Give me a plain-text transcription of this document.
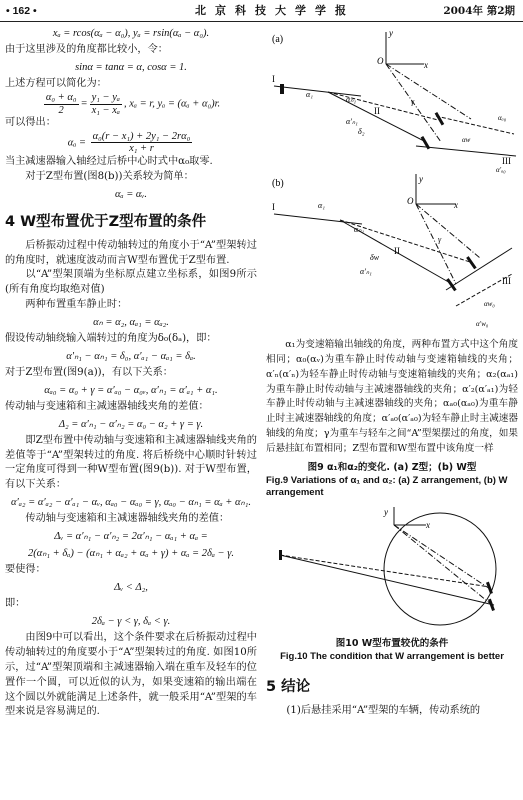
• 162 •	北京科技大学学报	2004年 第2期
xₐ = rcos(αₐ − α₀), yₐ = rsin(αₐ − α₀).

由于这里涉及的角度都比较小，令：

sinα = tanα = α, cosα = 1.

上述方程可以简化为：

$\frac{\text{α₀ + α₀}}{2} = \frac{\text{y₁ − yₐ}}{\text{x₁ − xₐ}}$ , xₐ = r, yₐ = (αₐ + α₀)r.

可以得出：

$\alpha_a = \frac{\text{α₀(r − x₁) + 2y₁ − 2rα₀}}{\text{x₁ + r}}$

当主减速器输入轴经过后桥中心时式中α₀取零.

对于Z型布置(图8(b))关系较为简单：

αₐ = αᵥ.
4 W型布置优于Z型布置的条件

后桥振动过程中传动轴转过的角度小于“A”型架转过的角度时，就速度波动而言W型布置优于Z型布置.

以“A”型架顶端为坐标原点建立坐标系，如图9所示(所有角度均取绝对值)

两种布置重车静止时：

αₙ = α₂, αₐ₁ = αₐ₂.

假设传动轴绕输入端转过的角度为δ₀(δₐ)，即：

α′ₙ₁ − αₙ₁ = δ₀, α′ₐ₁ − αₐ₁ = δₐ.

对于Z型布置(图9(a))，有以下关系：

αₐ₀ = α₀ + γ = α′ₐ₀ − α₀ᵥ, α′ₙ₁ = α′ₐ₁ + α₁.

传动轴与变速箱和主减速器轴线夹角的差值：

Δ₂ = α′ₙ₁ − α′ₙ₂ = α₀ − α₂ + γ = γ.

即Z型布置中传动轴与变速箱和主减速器轴线夹角的差值等于“A”型架转过的角度. 将后桥绕中心顺时针转过一定角度可得到一种W型布置(图9(b)). 对于W型布置，有以下关系：

α′ₐ₂ = α′ₐ₂ − α′ₐ₁ − αᵥ, αₐ₀ − αₐ₀ = γ, αₐ₀ − αₙ₁ = αₐ + αₙ₁.

传动轴与变速箱和主减速器轴线夹角的差值：

Δᵥ = α′ₙ₁ − α′ₙ₂ = 2α′ₙ₁ − αₐ₁ + αₐ =
2(αₙ₁ + δₐ) − (αₙ₁ + αₐ₂ + αₐ + γ) + αₐ = 2δₐ − γ.

要使得：

Δᵥ < Δ₂,

即：

2δₐ − γ < γ, δₐ < γ.

由图9中可以看出，这个条件要求在后桥振动过程中传动轴转过的角度要小于“A”型架转过的角度. 如图10所示，过“A”型架顶端和主减速器输入端在重车及轻车的位置作一个圆，可以近似的认为，如果变速箱的输出端在这个圆以外就能满足上述条件，就一般采用“A”型架的车型来说是容易满足的.

(a)
x
y
O
I
α₁
αₙ₁
II
δ₂
α′ₙ₁
γ
III
αₐ₀
α′ₐ₀
αw
(b)
x
y
O
I	α₁
αₙ₁
II
δw
α′ₙ₁
γ
III
αw₀
α′w₀

α₁为变速箱输出轴线的角度，两种布置方式中这个角度相同；α₀(αᵥ)为重车静止时传动轴与变速箱轴线的夹角；α′ₙ(α′ₙ)为轻车静止时传动轴与变速箱轴线的夹角；α₂(αₐ₁)为重车静止时传动轴与主减速器轴线的夹角；α′₂(α′ₐ₁)为轻车静止时传动轴与主减速器轴线的夹角；αₐ₀(αₐ₀)为重车静止时主减速器轴线的角度；α′ₐ₀(α′ₐ₀)为轻车静止时主减速器轴线的角度；γ为重车与轻车之间“A”型架摆过的角度，如果后悬挂缸布置相同；Z型布置和W型布置中该角度一样

图9 α₁和α₂的变化. (a) Z型；(b) W型
Fig.9 Variations of α₁ and α₂: (a) Z arrangement, (b) W arrangement
x
y
图10 W型布置较优的条件
Fig.10 The condition that W arrangement is better
5 结论

(1)后悬挂采用“A”型架的车辆，传动系统的
